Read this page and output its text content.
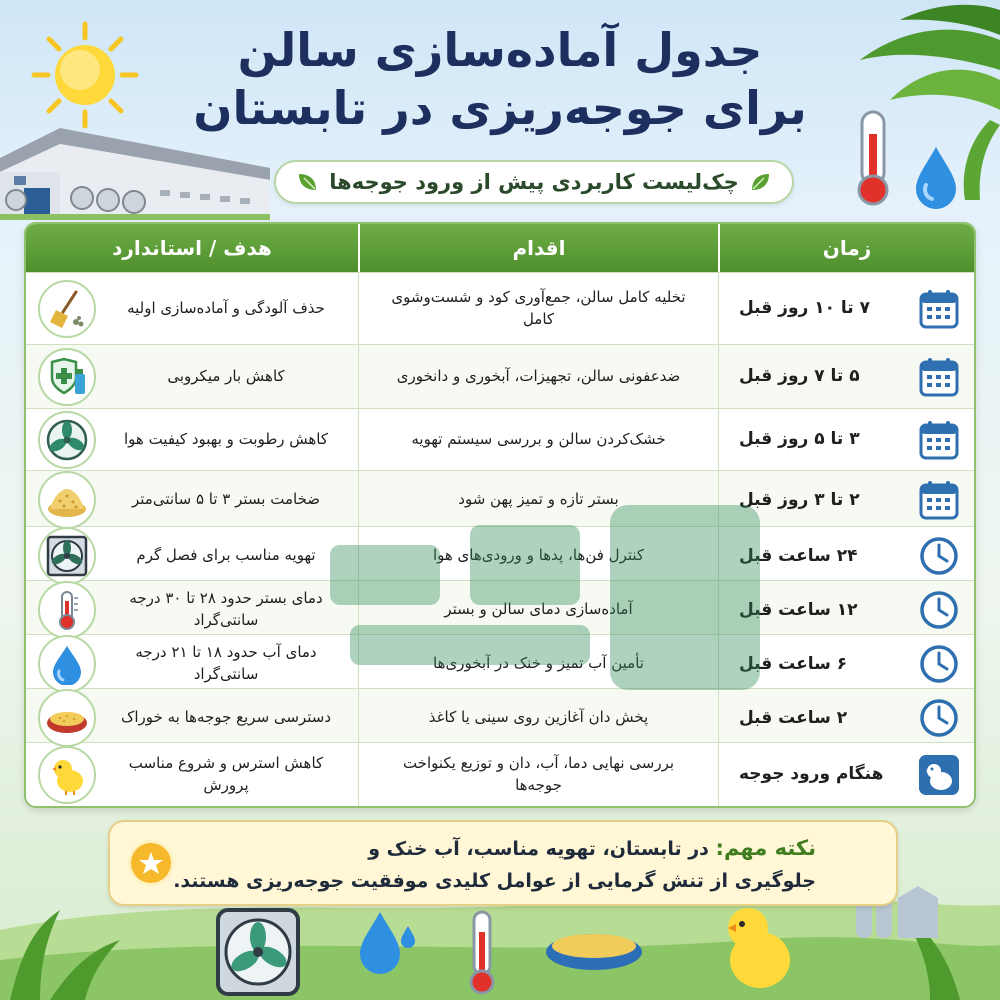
جدول آماده‌سازی سالن
برای جوجه‌ریزی در تابستان
چک‌لیست کاربردی پیش از ورود جوجه‌ها
زمان
اقدام
هدف / استاندارد
۷ تا ۱۰ روز قبل
تخلیه کامل سالن، جمع‌آوری کود و شست‌وشوی کامل
حذف آلودگی و آماده‌سازی اولیه
۵ تا ۷ روز قبل
ضدعفونی سالن، تجهیزات، آبخوری و دانخوری
کاهش بار میکروبی
۳ تا ۵ روز قبل
خشک‌کردن سالن و بررسی سیستم تهویه
کاهش رطوبت و بهبود کیفیت هوا
۲ تا ۳ روز قبل
بستر تازه و تمیز پهن شود
ضخامت بستر ۳ تا ۵ سانتی‌متر
۲۴ ساعت قبل
کنترل فن‌ها، پدها و ورودی‌های هوا
تهویه مناسب برای فصل گرم
۱۲ ساعت قبل
آماده‌سازی دمای سالن و بستر
دمای بستر حدود ۲۸ تا ۳۰ درجه سانتی‌گراد
۶ ساعت قبل
تأمین آب تمیز و خنک در آبخوری‌ها
دمای آب حدود ۱۸ تا ۲۱ درجه سانتی‌گراد
۲ ساعت قبل
پخش دان آغازین روی سینی یا کاغذ
دسترسی سریع جوجه‌ها به خوراک
هنگام ورود جوجه
بررسی نهایی دما، آب، دان و توزیع یکنواخت جوجه‌ها
کاهش استرس و شروع مناسب پرورش
نکته مهم: در تابستان، تهویه مناسب، آب خنک و
جلوگیری از تنش گرمایی از عوامل کلیدی موفقیت جوجه‌ریزی هستند.
